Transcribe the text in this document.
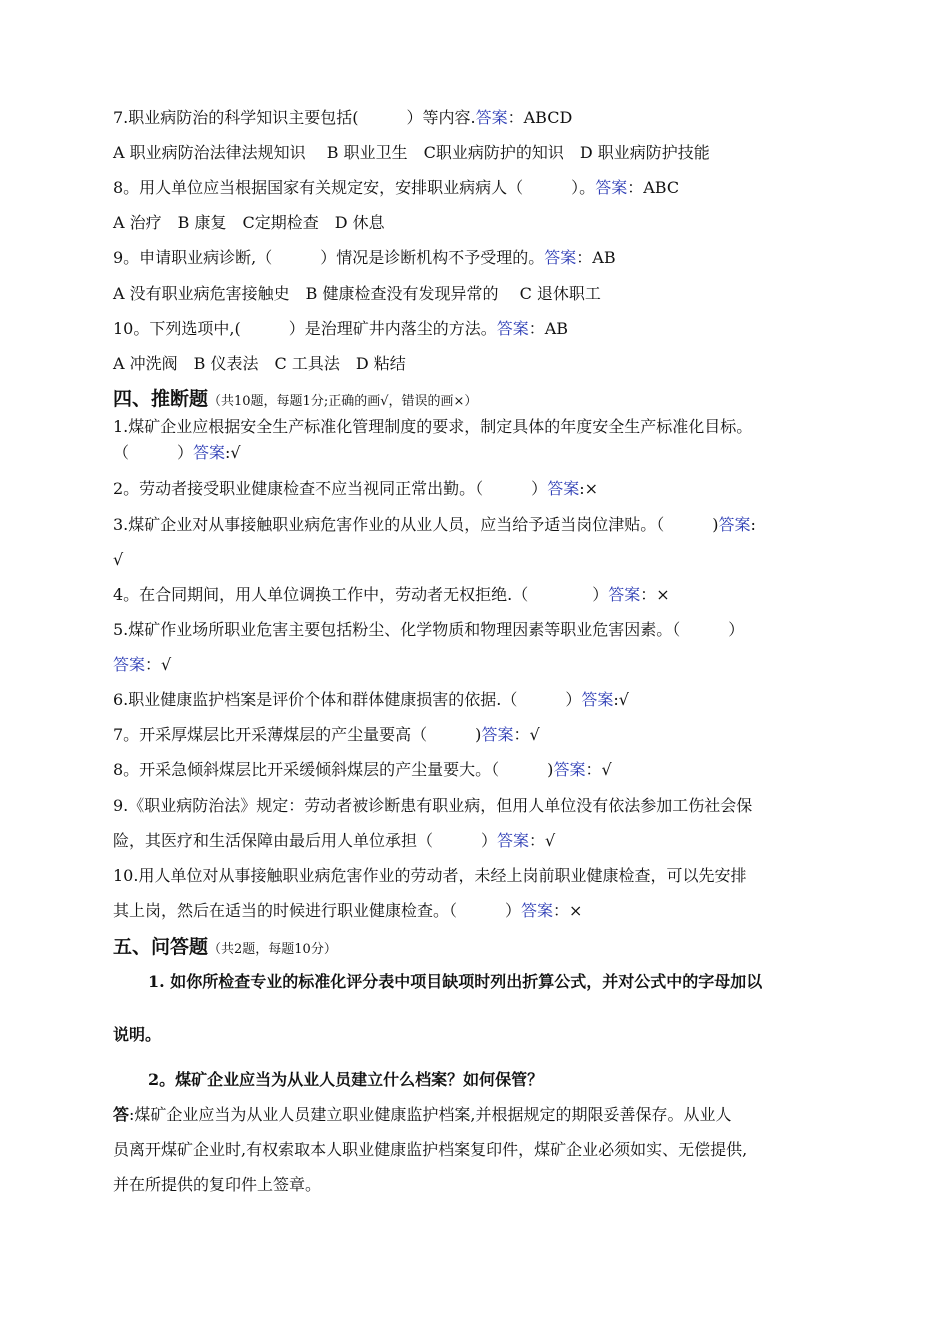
7.职业病防治的科学知识主要包括(　　　）等内容.答案：ABCD
A 职业病防治法律法规知识　 B 职业卫生　C职业病防护的知识　D 职业病防护技能
8。用人单位应当根据国家有关规定安，安排职业病病人（　　　）。答案：ABC
A 治疗　B 康复　C定期检查　D 休息
9。申请职业病诊断,（　　　）情况是诊断机构不予受理的。答案：AB
A 没有职业病危害接触史　B 健康检查没有发现异常的　 C 退休职工
10。下列选项中,(　　　）是治理矿井内落尘的方法。答案：AB
A 冲洗阀　B 仪表法　C 工具法　D 粘结
四、推断题（共10题，每题1分;正确的画√，错误的画×）
1.煤矿企业应根据安全生产标准化管理制度的要求，制定具体的年度安全生产标准化目标。
（　　　）答案:√
2。劳动者接受职业健康检查不应当视同正常出勤。（　　　）答案:×
3.煤矿企业对从事接触职业病危害作业的从业人员，应当给予适当岗位津贴。（　　　)答案:
√
4。在合同期间，用人单位调换工作中，劳动者无权拒绝.（　　　　）答案：×
5.煤矿作业场所职业危害主要包括粉尘、化学物质和物理因素等职业危害因素。（　　　）
答案：√
6.职业健康监护档案是评价个体和群体健康损害的依据.（　　　）答案:√
7。开采厚煤层比开采薄煤层的产尘量要高（　　　)答案：√
8。开采急倾斜煤层比开采缓倾斜煤层的产尘量要大。（　　　)答案：√
9.《职业病防治法》规定：劳动者被诊断患有职业病，但用人单位没有依法参加工伤社会保
险，其医疗和生活保障由最后用人单位承担（　　　）答案：√
10.用人单位对从事接触职业病危害作业的劳动者，未经上岗前职业健康检查，可以先安排
其上岗，然后在适当的时候进行职业健康检查。（　　　）答案：×
五、问答题（共2题，每题10分）
1. 如你所检查专业的标准化评分表中项目缺项时列出折算公式，并对公式中的字母加以
说明。
2。煤矿企业应当为从业人员建立什么档案？如何保管？
答:煤矿企业应当为从业人员建立职业健康监护档案,并根据规定的期限妥善保存。从业人
员离开煤矿企业时,有权索取本人职业健康监护档案复印件，煤矿企业必须如实、无偿提供,
并在所提供的复印件上签章。
